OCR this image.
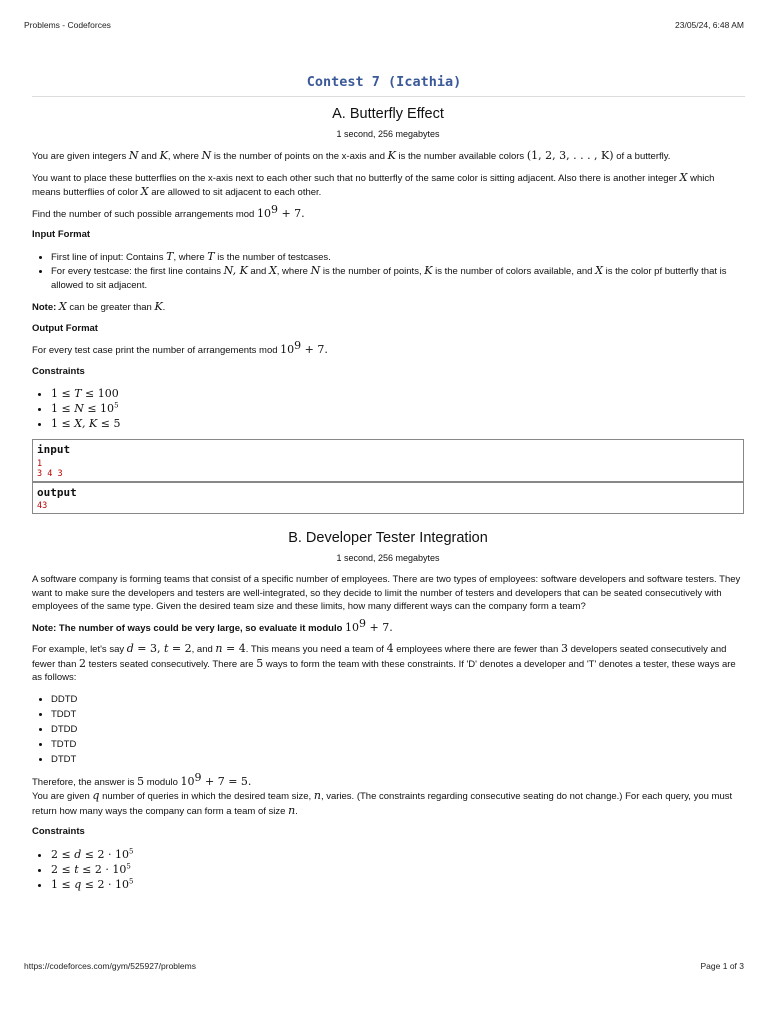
Problems - Codeforces	23/05/24, 6:48 AM
Contest 7 (Icathia)
A. Butterfly Effect
1 second, 256 megabytes

You are given integers N and K, where N is the number of points on the x-axis and K is the number available colors (1, 2, 3, . . . , K) of a butterfly.

You want to place these butterflies on the x-axis next to each other such that no butterfly of the same color is sitting adjacent. Also there is another integer X which means butterflies of color X are allowed to sit adjacent to each other.

Find the number of such possible arrangements mod $10^9 + 7$.

Input Format
• First line of input: Contains T, where T is the number of testcases.
• For every testcase: the first line contains N, K and X, where N is the number of points, K is the number of colors available, and X is the color pf butterfly that is allowed to sit adjacent.

Note: X can be greater than K.

Output Format

For every test case print the number of arrangements mod $10^9 + 7$.

Constraints
• 1 ≤ T ≤ 100
• $1 \le N \le 10^5$
• 1 ≤ X, K ≤ 5
input
1
3 4 3
output
43
B. Developer Tester Integration
1 second, 256 megabytes

A software company is forming teams that consist of a specific number of employees. There are two types of employees: software developers and software testers. They want to make sure the developers and testers are well-integrated, so they decide to limit the number of testers and developers that can be seated consecutively with employees of the same type. Given the desired team size and these limits, how many different ways can the company form a team?

Note: The number of ways could be very large, so evaluate it modulo $10^9 + 7$.

For example, let's say d = 3, t = 2, and n = 4. This means you need a team of 4 employees where there are fewer than 3 developers seated consecutively and fewer than 2 testers seated consecutively. There are 5 ways to form the team with these constraints. If 'D' denotes a developer and 'T' denotes a tester, these ways are as follows:

• DDTD
• TDDT
• DTDD
• TDTD
• DTDT

Therefore, the answer is 5 modulo $10^9 + 7 = 5$.

You are given q number of queries in which the desired team size, n, varies. (The constraints regarding consecutive seating do not change.) For each query, you must return how many ways the company can form a team of size n.

Constraints
• $2 \le d \le 2 \cdot 10^5$
• $2 \le t \le 2 \cdot 10^5$
• $1 \le q \le 2 \cdot 10^5$
https://codeforces.com/gym/525927/problems	Page 1 of 3
